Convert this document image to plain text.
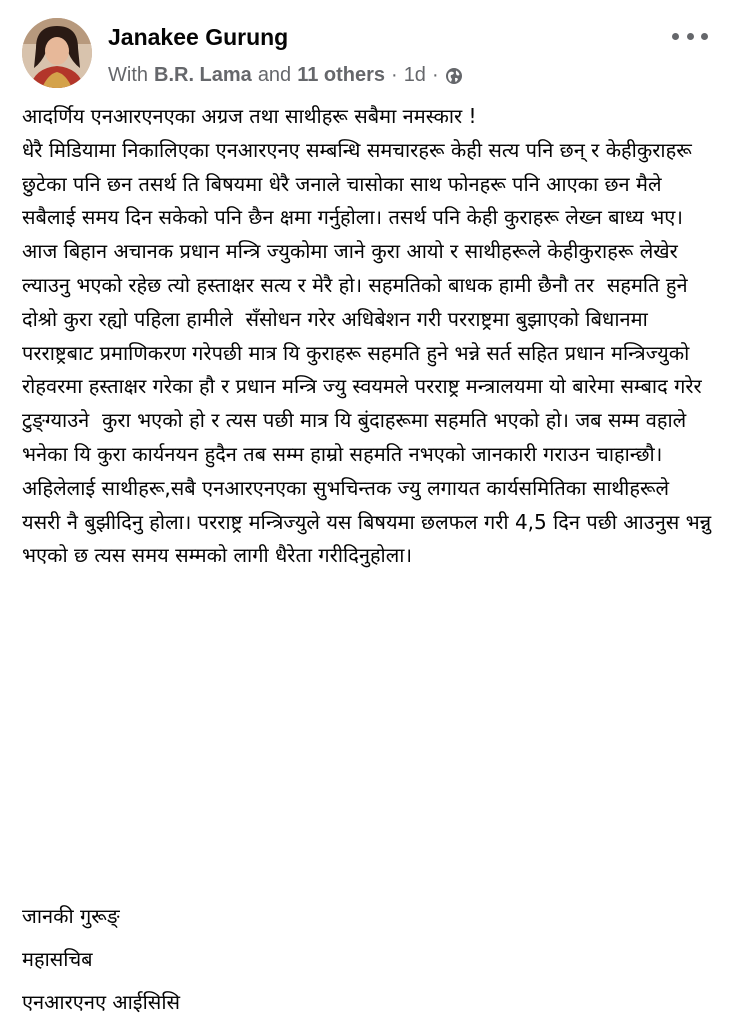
Janakee Gurung
With B.R. Lama and 11 others · 1d ·

आदर्णिय एनआरएनएका अग्रज तथा साथीहरू सबैमा नमस्कार !

धेरै मिडियामा निकालिएका एनआरएनए सम्बन्धि समचारहरू केही सत्य पनि छन् र केहीकुराहरू छुटेका पनि छन तसर्थ ति बिषयमा धेरै जनाले चासोका साथ फोनहरू पनि आएका छन मैले सबैलाई समय दिन सकेको पनि छैन क्षमा गर्नुहोला। तसर्थ पनि केही कुराहरू लेख्न बाध्य भए। आज बिहान अचानक प्रधान मन्त्रि ज्युकोमा जाने कुरा आयो र साथीहरूले केहीकुराहरू लेखेर ल्याउनु भएको रहेछ त्यो हस्ताक्षर सत्य र मेरै हो। सहमतिको बाधक हामी छैनौ तर  सहमति हुने दोश्रो कुरा रह्यो पहिला हामीले  सँसोधन गरेर अधिबेशन गरी परराष्ट्रमा बुझाएको बिधानमा परराष्ट्रबाट प्रमाणिकरण गरेपछी मात्र यि कुराहरू सहमति हुने भन्ने सर्त सहित प्रधान मन्त्रिज्युको रोहवरमा हस्ताक्षर गरेका हौ र प्रधान मन्त्रि ज्यु स्वयमले परराष्ट्र मन्त्रालयमा यो बारेमा सम्बाद गरेर टुङ्ग्याउने  कुरा भएको हो र त्यस पछी मात्र यि बुंदाहरूमा सहमति भएको हो। जब सम्म वहाले भनेका यि कुरा कार्यनयन हुदैन तब सम्म हाम्रो सहमति नभएको जानकारी गराउन चाहान्छौ।

अहिलेलाई साथीहरू,सबै एनआरएनएका सुभचिन्तक ज्यु लगायत कार्यसमितिका साथीहरूले यसरी नै बुझीदिनु होला। परराष्ट्र मन्त्रिज्युले यस बिषयमा छलफल गरी 4,5 दिन पछी आउनुस भन्नु भएको छ त्यस समय सम्मको लागी धैरेता गरीदिनुहोला।

जानकी गुरूङ्
महासचिब
एनआरएनए आईसिसि
